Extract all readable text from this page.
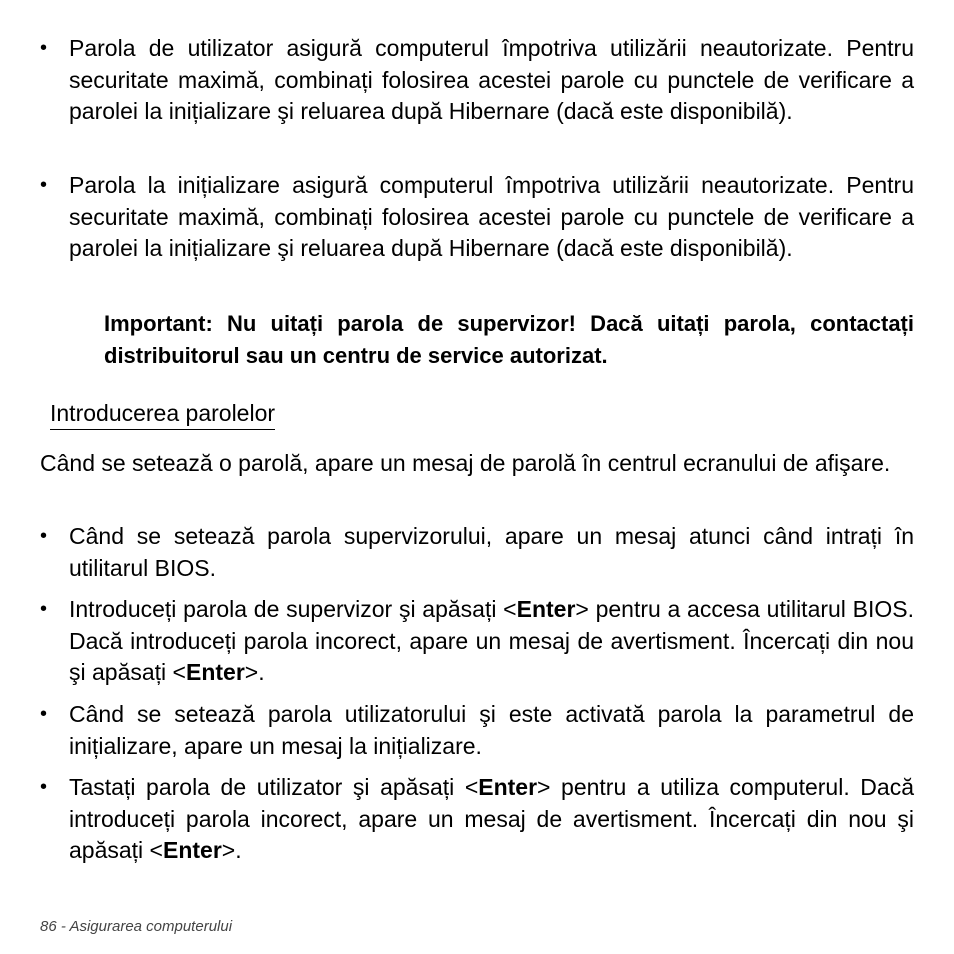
• Parola de utilizator asigură computerul împotriva utilizării neautorizate. Pentru securitate maximă, combinați folosirea acestei parole cu punctele de verificare a parolei la inițializare şi reluarea după Hibernare (dacă este disponibilă).
• Parola la inițializare asigură computerul împotriva utilizării neautorizate. Pentru securitate maximă, combinați folosirea acestei parole cu punctele de verificare a parolei la inițializare şi reluarea după Hibernare (dacă este disponibilă).

Important: Nu uitați parola de supervizor! Dacă uitați parola, contactați distribuitorul sau un centru de service autorizat.

Introducerea parolelor

Când se setează o parolă, apare un mesaj de parolă în centrul ecranului de afişare.

• Când se setează parola supervizorului, apare un mesaj atunci când intrați în utilitarul BIOS.
• Introduceți parola de supervizor şi apăsați <Enter> pentru a accesa utilitarul BIOS. Dacă introduceți parola incorect, apare un mesaj de avertisment. Încercați din nou şi apăsați <Enter>.
• Când se setează parola utilizatorului şi este activată parola la parametrul de inițializare, apare un mesaj la inițializare.
• Tastați parola de utilizator şi apăsați <Enter> pentru a utiliza computerul. Dacă introduceți parola incorect, apare un mesaj de avertisment. Încercați din nou şi apăsați <Enter>.

86 - Asigurarea computerului
